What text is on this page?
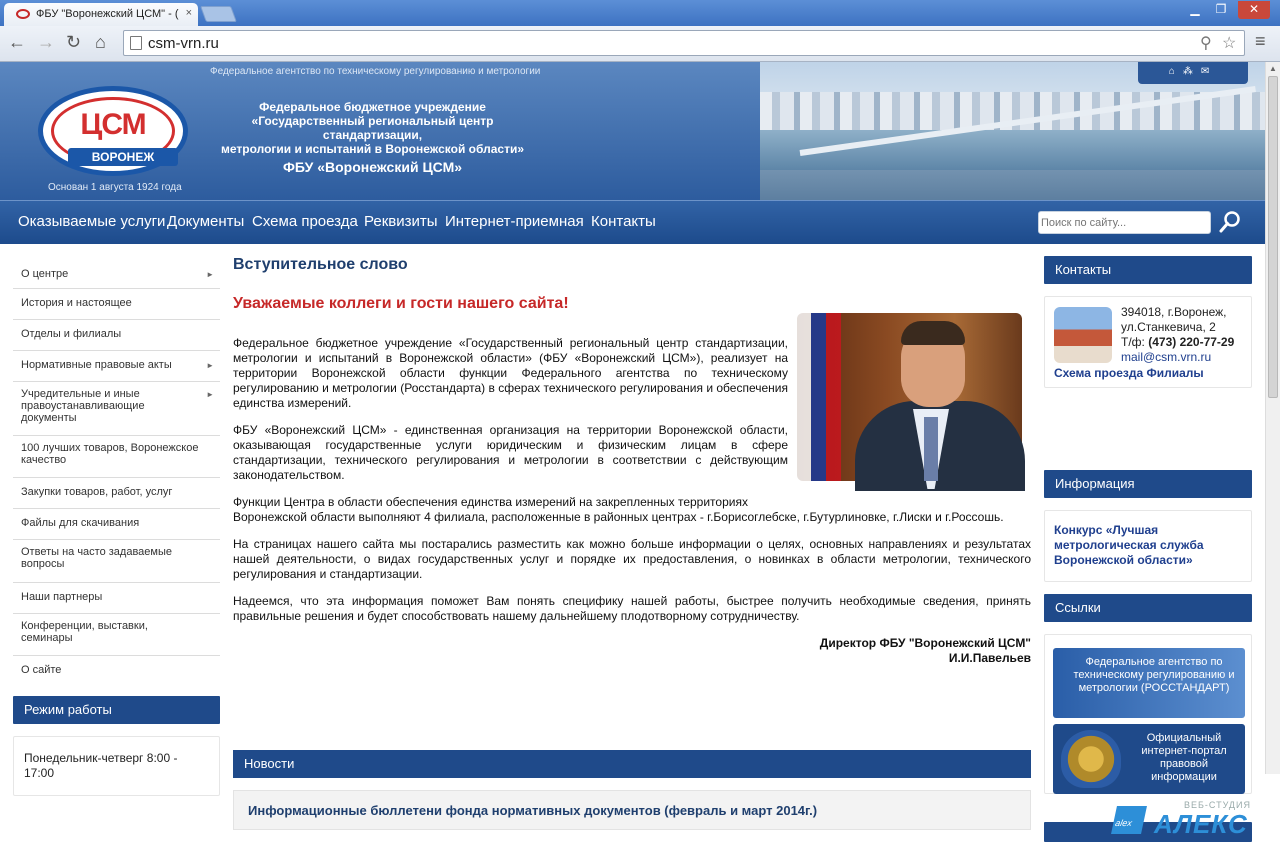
ФБУ "Воронежский ЦСМ" - ( ×	▁	❐	✕
← → ↻ ⌂	csm-vrn.ru	⚲ ☆ ≡
Федеральное агентство по техническому регулированию и метрологии
ЦСМ
ВОРОНЕЖ
Основан 1 августа 1924 года
Федеральное бюджетное учреждение
«Государственный региональный центр стандартизации,
метрологии и испытаний в Воронежской области»
ФБУ «Воронежский ЦСМ»
⌂⁂✉
Оказываемые услуги Документы Схема проезда Реквизиты Интернет-приемная Контакты
Поиск по сайту...
О центре	►
История и настоящее
Отделы и филиалы
Нормативные правовые акты	►
Учредительные и иные правоустанавливающие документы
►
100 лучших товаров, Воронежское качество
Закупки товаров, работ, услуг
Файлы для скачивания
Ответы на часто задаваемые вопросы
Наши партнеры
Конференции, выставки, семинары
О сайте
Режим работы
Понедельник-четверг 8:00 - 17:00
Вступительное слово
Уважаемые коллеги и гости нашего сайта!

Федеральное бюджетное учреждение «Государственный региональный центр стандартизации, метрологии и испытаний в Воронежской области» (ФБУ «Воронежский ЦСМ»), реализует на территории Воронежской области функции Федерального агентства по техническому регулированию и метрологии (Росстандарта) в сферах технического регулирования и обеспечения единства измерений.

ФБУ «Воронежский ЦСМ» - единственная организация на территории Воронежской области, оказывающая государственные услуги юридическим и физическим лицам в сфере стандартизации, технического регулирования и метрологии в соответствии с действующим законодательством.

Функции Центра в области обеспечения единства измерений на закрепленных территориях

Воронежской области выполняют 4 филиала, расположенные в районных центрах - г.Борисоглебске, г.Бутурлиновке, г.Лиски и г.Россошь.

На страницах нашего сайта мы постарались разместить как можно больше информации о целях, основных направлениях и результатах нашей деятельности, о видах государственных услуг и порядке их предоставления, о новинках в области метрологии, технического регулирования и стандартизации.

Надеемся, что эта информация поможет Вам понять специфику нашей работы, быстрее получить необходимые сведения, принять правильные решения и будет способствовать нашему дальнейшему плодотворному сотрудничеству.

Директор ФБУ "Воронежский ЦСМ"
И.И.Павельев
Новости
Информационные бюллетени фонда нормативных документов (февраль и март 2014г.)
Контакты
394018, г.Воронеж,
ул.Станкевича, 2
Т/ф: (473) 220-77-29
mail@csm.vrn.ru
Схема проезда Филиалы
Информация
Конкурс «Лучшая метрологическая служба Воронежской области»
Ссылки
Федеральное агентство по техническому регулированию и метрологии (РОССТАНДАРТ)
Официальный интернет-портал правовой информации
alex
ВЕБ-СТУДИЯ
АЛЕКС
▲
